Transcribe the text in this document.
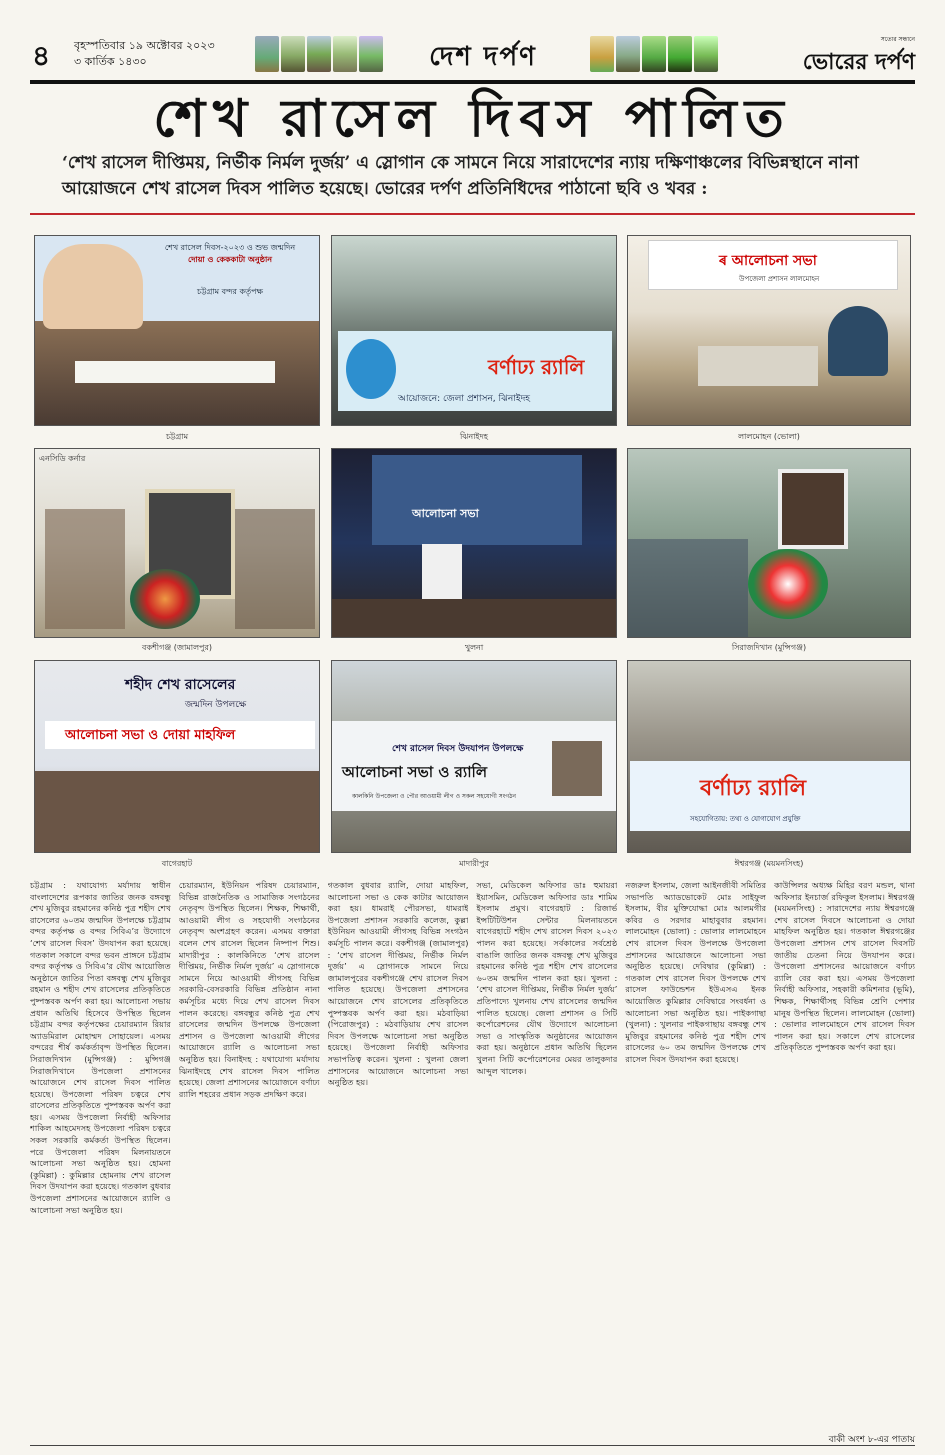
৪ বৃহস্পতিবার ১৯ অক্টোবর ২০২৩
৩ কার্তিক ১৪৩০	দেশ দর্পণ
সত্যের সন্ধানে
ভোরের দর্পণ
শেখ রাসেল দিবস পালিত
‘শেখ রাসেল দীপ্তিময়, নির্ভীক নির্মল দুর্জয়’ এ স্লোগান কে সামনে নিয়ে সারাদেশের ন্যায় দক্ষিণাঞ্চলের বিভিন্নস্থানে নানা আয়োজনে শেখ রাসেল দিবস পালিত হয়েছে। ভোরের দর্পণ প্রতিনিধিদের পাঠানো ছবি ও খবর :
শেখ রাসেল দিবস-২০২৩ ও শুভ জন্মদিন
দোয়া ও কেককাটা অনুষ্ঠান
চট্টগ্রাম বন্দর কর্তৃপক্ষ
চট্টগ্রাম
বর্ণাঢ্য র‍্যালি
আয়োজনে: জেলা প্রশাসন, ঝিনাইদহ
ঝিনাইদহ
ৰ আলোচনা সভা
উপজেলা প্রশাসন লালমোহন
লালমোহন (ভোলা)
এনসিডি কর্নার
বকশীগঞ্জ (জামালপুর)
আলোচনা সভা
খুলনা	সিরাজদিখান (মুন্সিগঞ্জ)
শহীদ শেখ রাসেলের
জন্মদিন উপলক্ষে
আলোচনা সভা ও দোয়া মাহফিল
বাগেরহাট
শেখ রাসেল দিবস উদযাপন উপলক্ষে
আলোচনা সভা ও র‍্যালি
কালকিনি উপজেলা ও পৌর আওয়ামী লীগ ও সকল সহযোগী সংগঠন
মাদারীপুর
বর্ণাঢ্য র‍্যালি
সহযোগিতায়: তথ্য ও যোগাযোগ প্রযুক্তি
ঈশ্বরগঞ্জ (ময়মনসিংহ)
চট্টগ্রাম : যথাযোগ্য মর্যাদায় স্বাধীন বাংলাদেশের রূপকার জাতির জনক বঙ্গবন্ধু শেখ মুজিবুর রহমানের কনিষ্ঠ পুত্র শহীদ শেখ রাসেলের ৬০তম জন্মদিন উপলক্ষে চট্টগ্রাম বন্দর কর্তৃপক্ষ ও বন্দর সিবিএ’র উদ্যোগে ‘শেখ রাসেল দিবস’ উদযাপন করা হয়েছে। গতকাল সকালে বন্দর ভবন প্রাঙ্গনে চট্টগ্রাম বন্দর কর্তৃপক্ষ ও সিবিএ’র যৌথ আয়োজিত অনুষ্ঠানে জাতির পিতা বঙ্গবন্ধু শেখ মুজিবুর রহমান ও শহীদ শেখ রাসেলের প্রতিকৃতিতে পুষ্পস্তবক অর্পণ করা হয়। আলোচনা সভায় প্রধান অতিথি হিসেবে উপস্থিত ছিলেন চট্টগ্রাম বন্দর কর্তৃপক্ষের চেয়ারম্যান রিয়ার অ্যাডমিরাল মোহাম্মদ সোহায়েল। এসময় বন্দরের শীর্ষ কর্মকর্তাবৃন্দ উপস্থিত ছিলেন। সিরাজদিখান (মুন্সিগঞ্জ) : মুন্সিগঞ্জ সিরাজদিখানে উপজেলা প্রশাসনের আয়োজনে শেখ রাসেল দিবস পালিত হয়েছে। উপজেলা পরিষদ চত্বরে শেখ রাসেলের প্রতিকৃতিতে পুষ্পস্তবক অর্পণ করা হয়। এসময় উপজেলা নির্বাহী অফিসার শাকিল আহমেদসহ উপজেলা পরিষদ চত্বরে সকল সরকারি কর্মকর্তা উপস্থিত ছিলেন। পরে উপজেলা পরিষদ মিলনায়তনে আলোচনা সভা অনুষ্ঠিত হয়। হোমনা (কুমিল্লা) : কুমিল্লার হোমনায় শেখ রাসেল দিবস উদযাপন করা হয়েছে। গতকাল বুধবার উপজেলা প্রশাসনের আয়োজনে র‍্যালি ও আলোচনা সভা অনুষ্ঠিত হয়।
চেয়ারম্যান, ইউনিয়ন পরিষদ চেয়ারম্যান, বিভিন্ন রাজনৈতিক ও সামাজিক সংগঠনের নেতৃবৃন্দ উপস্থিত ছিলেন। শিক্ষক, শিক্ষার্থী, আওয়ামী লীগ ও সহযোগী সংগঠনের নেতৃবৃন্দ অংশগ্রহণ করেন। এসময় বক্তারা বলেন শেখ রাসেল ছিলেন নিষ্পাপ শিশু। মাদারীপুর : কালকিনিতে ‘শেখ রাসেল দীপ্তিময়, নির্ভীক নির্মল দুর্জয়’ এ স্লোগানকে সামনে নিয়ে আওয়ামী লীগসহ বিভিন্ন সরকারি-বেসরকারি বিভিন্ন প্রতিষ্ঠান নানা কর্মসূচির মধ্যে দিয়ে শেখ রাসেল দিবস পালন করেছে। বঙ্গবন্ধুর কনিষ্ঠ পুত্র শেখ রাসেলের জন্মদিন উপলক্ষে উপজেলা প্রশাসন ও উপজেলা আওয়ামী লীগের আয়োজনে র‍্যালি ও আলোচনা সভা অনুষ্ঠিত হয়। বিনাইদহ : যথাযোগ্য মর্যাদায় ঝিনাইদহে শেখ রাসেল দিবস পালিত হয়েছে। জেলা প্রশাসনের আয়োজনে বর্ণাঢ্য র‍্যালি শহরের প্রধান সড়ক প্রদক্ষিণ করে।
গতকাল বুধবার র‍্যালি, দোয়া মাহফিল, আলোচনা সভা ও কেক কাটার আয়োজন করা হয়। ধামরাই পৌরসভা, ধামরাই উপজেলা প্রশাসন সরকারি কলেজ, কুল্লা ইউনিয়ন আওয়ামী লীগসহ বিভিন্ন সংগঠন কর্মসূচি পালন করে। বকশীগঞ্জ (জামালপুর) : ‘শেখ রাসেল দীপ্তিময়, নির্ভীক নির্মল দুর্জয়’ এ স্লোগানকে সামনে নিয়ে জামালপুরের বকশীগঞ্জে শেখ রাসেল দিবস পালিত হয়েছে। উপজেলা প্রশাসনের আয়োজনে শেখ রাসেলের প্রতিকৃতিতে পুষ্পস্তবক অর্পণ করা হয়। মঠবাড়িয়া (পিরোজপুর) : মঠবাড়িয়ায় শেখ রাসেল দিবস উপলক্ষে আলোচনা সভা অনুষ্ঠিত হয়েছে। উপজেলা নির্বাহী অফিসার সভাপতিত্ব করেন। খুলনা : খুলনা জেলা প্রশাসনের আয়োজনে আলোচনা সভা অনুষ্ঠিত হয়।
সভা, মেডিকেল অফিসার ডাঃ হুমায়রা ইয়াসমিন, মেডিকেল অফিসার ডাঃ শামিম ইসলাম প্রমুখ। বাগেরহাট : রিজার্ভ ইন্সটিটিউশন সেন্টার মিলনায়তনে বাগেরহাটে শহীদ শেখ রাসেল দিবস ২০২৩ পালন করা হয়েছে। সর্বকালের সর্বশ্রেষ্ঠ বাঙালি জাতির জনক বঙ্গবন্ধু শেখ মুজিবুর রহমানের কনিষ্ঠ পুত্র শহীদ শেখ রাসেলের ৬০তম জন্মদিন পালন করা হয়। খুলনা : ‘শেখ রাসেল দীপ্তিময়, নির্ভীক নির্মল দুর্জয়’ প্রতিপাদ্যে খুলনায় শেখ রাসেলের জন্মদিন পালিত হয়েছে। জেলা প্রশাসন ও সিটি কর্পোরেশনের যৌথ উদ্যোগে আলোচনা সভা ও সাংস্কৃতিক অনুষ্ঠানের আয়োজন করা হয়। অনুষ্ঠানে প্রধান অতিথি ছিলেন খুলনা সিটি কর্পোরেশনের মেয়র তালুকদার আব্দুল খালেক।
নজরুল ইসলাম, জেলা আইনজীবী সমিতির সভাপতি অ্যাডভোকেট মোঃ সাইফুল ইসলাম, বীর মুক্তিযোদ্ধা মোঃ আলমগীর কবির ও সরদার মাহাবুবার রহমান। লালমোহন (ভোলা) : ভোলার লালমোহনে শেখ রাসেল দিবস উপলক্ষে উপজেলা প্রশাসনের আয়োজনে আলোচনা সভা অনুষ্ঠিত হয়েছে। দেবিদ্বার (কুমিল্লা) : গতকাল শেখ রাসেল দিবস উপলক্ষে শেখ রাসেল ফাউন্ডেশন ইউএসএ ইনক আয়োজিত কুমিল্লার দেবিদ্বারে সংবর্ধনা ও আলোচনা সভা অনুষ্ঠিত হয়। পাইকগাছা (খুলনা) : খুলনার পাইকগাছায় বঙ্গবন্ধু শেখ মুজিবুর রহমানের কনিষ্ঠ পুত্র শহীদ শেখ রাসেলের ৬০ তম জন্মদিন উপলক্ষে শেখ রাসেল দিবস উদযাপন করা হয়েছে।
কাউন্সিলর অধ্যক্ষ মিহির বরণ মন্ডল, থানা অফিসার ইনচার্জ রফিকুল ইসলাম। ঈশ্বরগঞ্জ (ময়মনসিংহ) : সারাদেশের ন্যায় ঈশ্বরগঞ্জে শেখ রাসেল দিবসে আলোচনা ও দোয়া মাহফিল অনুষ্ঠিত হয়। গতকাল ঈশ্বরগঞ্জের উপজেলা প্রশাসন শেখ রাসেল দিবসটি জাতীয় চেতনা নিয়ে উদযাপন করে। উপজেলা প্রশাসনের আয়োজনে বর্ণাঢ্য র‍্যালি বের করা হয়। এসময় উপজেলা নির্বাহী অফিসার, সহকারী কমিশনার (ভূমি), শিক্ষক, শিক্ষার্থীসহ বিভিন্ন শ্রেণি পেশার মানুষ উপস্থিত ছিলেন। লালমোহন (ভোলা) : ভোলার লালমোহনে শেখ রাসেল দিবস পালন করা হয়। সকালে শেখ রাসেলের প্রতিকৃতিতে পুষ্পস্তবক অর্পণ করা হয়।
বাকী অংশ ৮-এর পাতায়
